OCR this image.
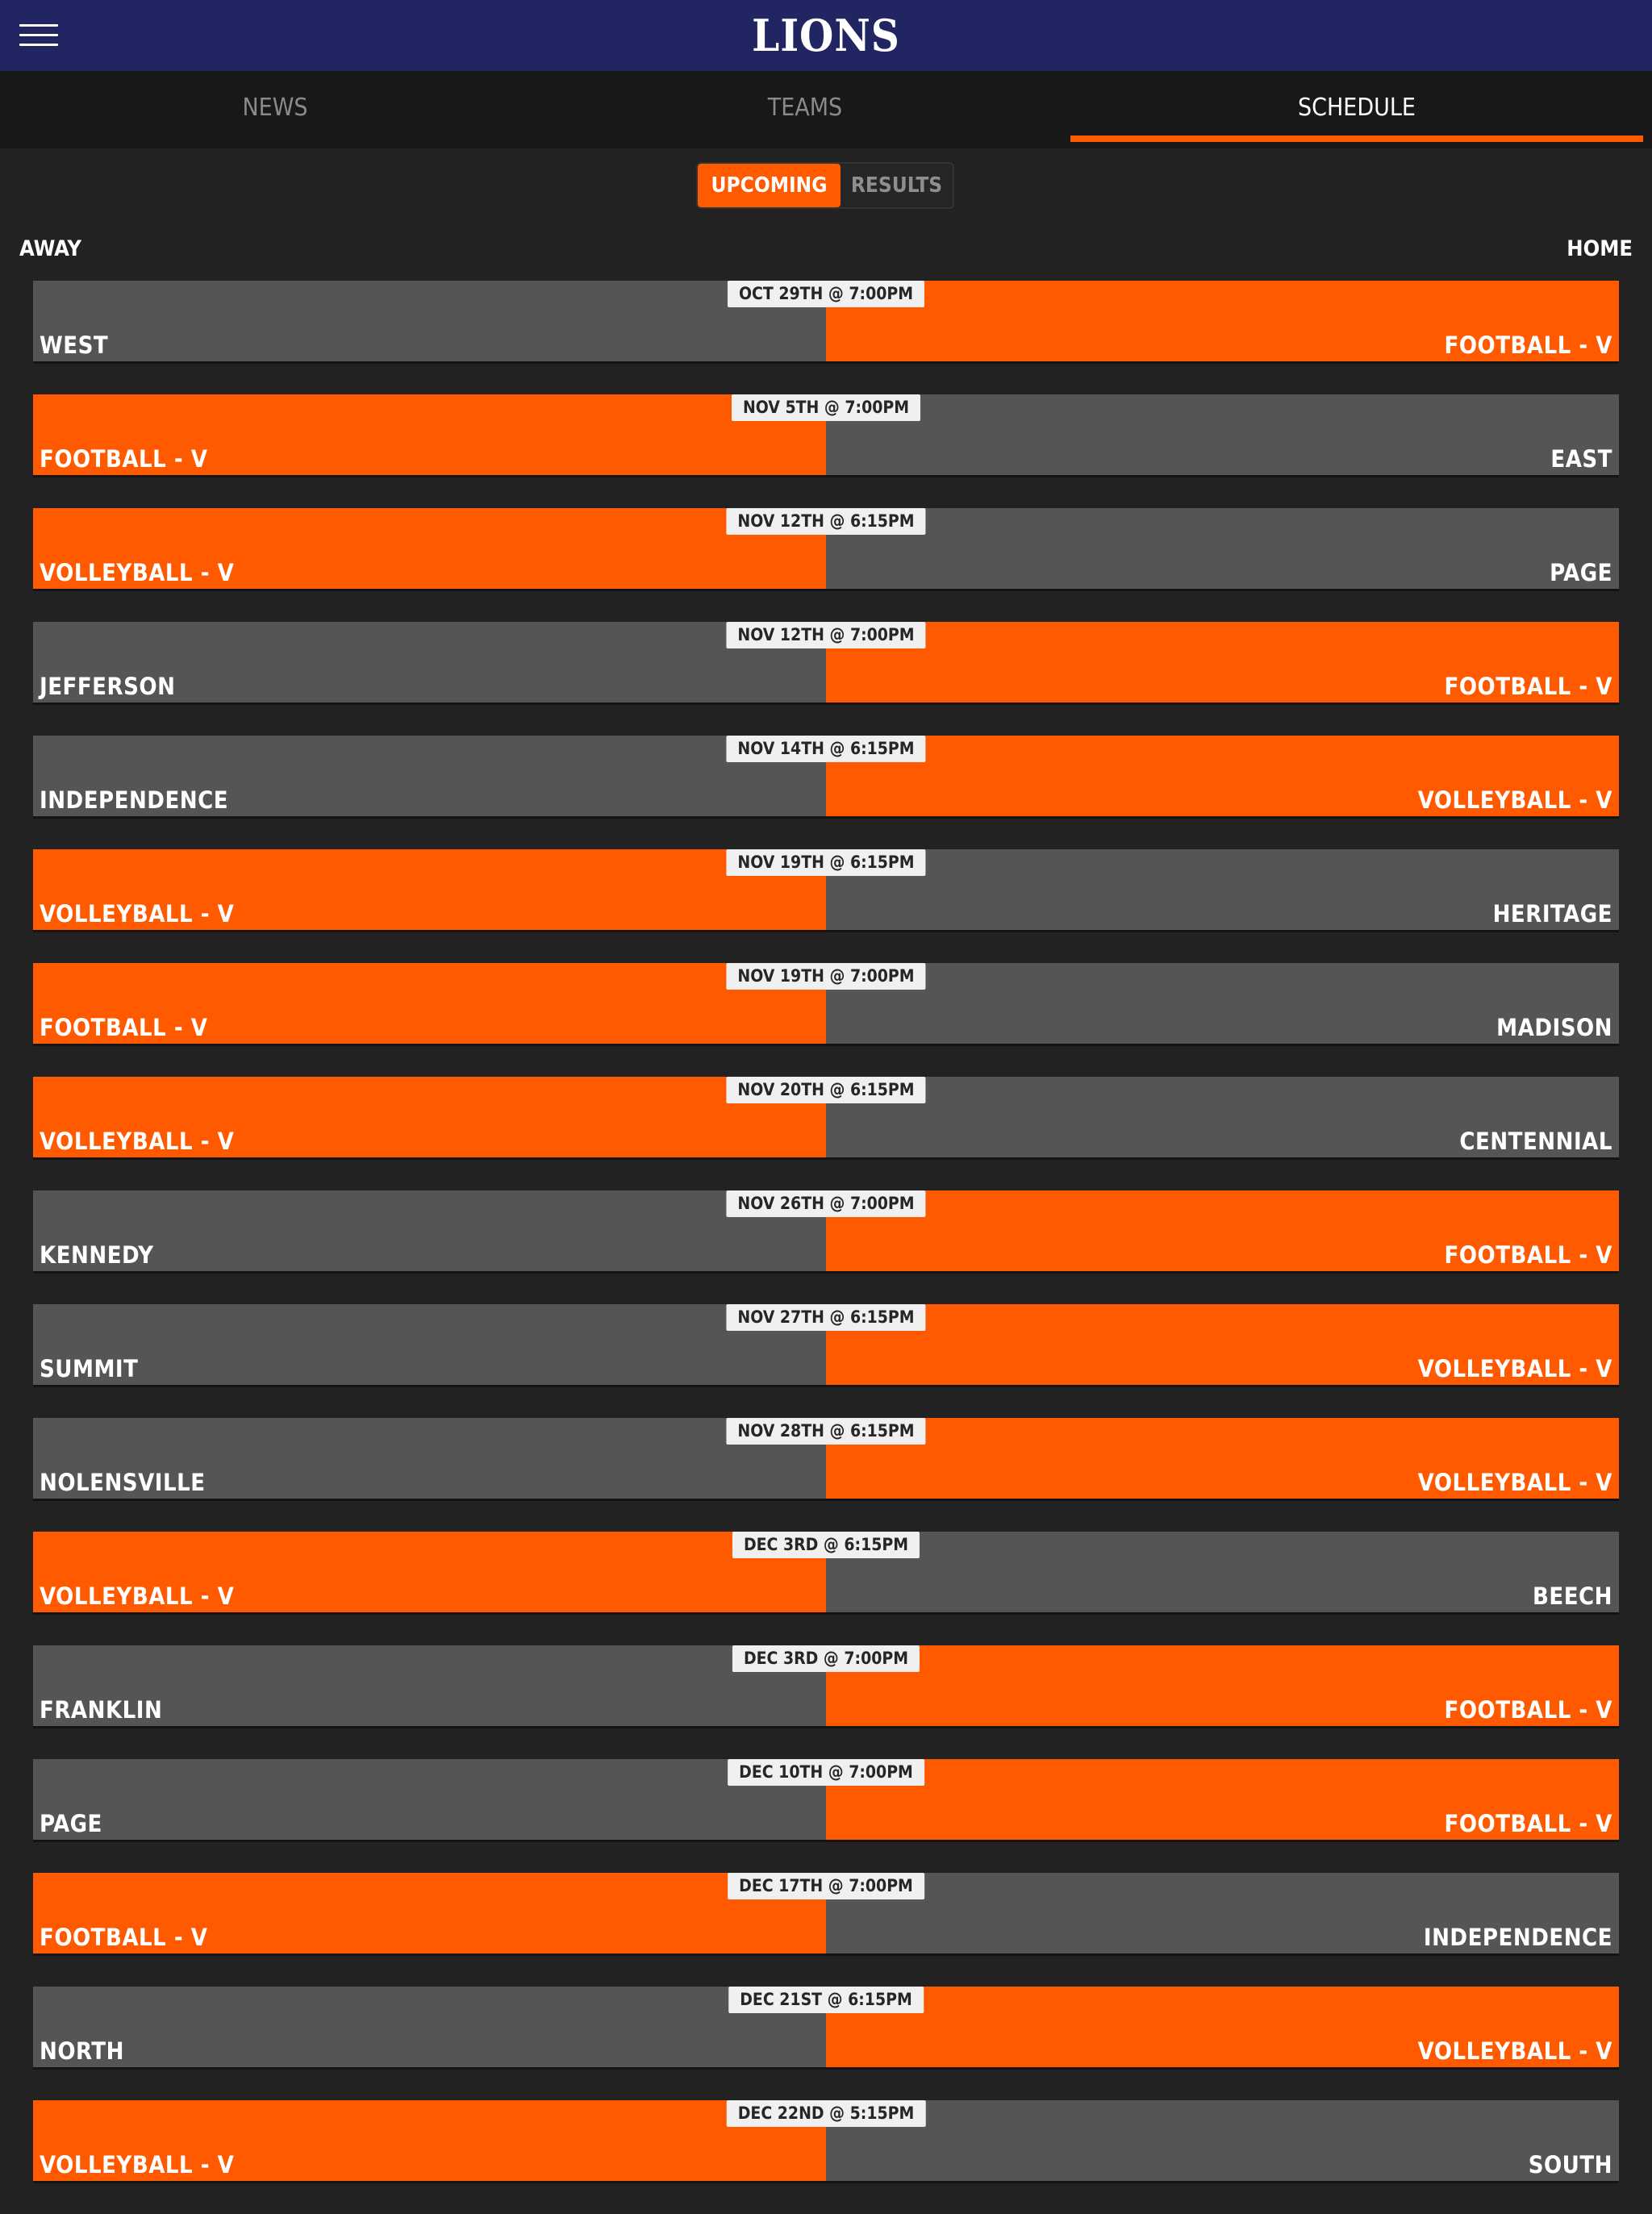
LIONS
NEWS	TEAMS	SCHEDULE
UPCOMING	RESULTS
AWAY	HOME
WEST	FOOTBALL - V
OCT 29TH @ 7:00PM
FOOTBALL - V	EAST
NOV 5TH @ 7:00PM
VOLLEYBALL - V	PAGE
NOV 12TH @ 6:15PM
JEFFERSON	FOOTBALL - V
NOV 12TH @ 7:00PM
INDEPENDENCE	VOLLEYBALL - V
NOV 14TH @ 6:15PM
VOLLEYBALL - V	HERITAGE
NOV 19TH @ 6:15PM
FOOTBALL - V	MADISON
NOV 19TH @ 7:00PM
VOLLEYBALL - V	CENTENNIAL
NOV 20TH @ 6:15PM
KENNEDY	FOOTBALL - V
NOV 26TH @ 7:00PM
SUMMIT	VOLLEYBALL - V
NOV 27TH @ 6:15PM
NOLENSVILLE	VOLLEYBALL - V
NOV 28TH @ 6:15PM
VOLLEYBALL - V	BEECH
DEC 3RD @ 6:15PM
FRANKLIN	FOOTBALL - V
DEC 3RD @ 7:00PM
PAGE	FOOTBALL - V
DEC 10TH @ 7:00PM
FOOTBALL - V	INDEPENDENCE
DEC 17TH @ 7:00PM
NORTH	VOLLEYBALL - V
DEC 21ST @ 6:15PM
VOLLEYBALL - V	SOUTH
DEC 22ND @ 5:15PM
